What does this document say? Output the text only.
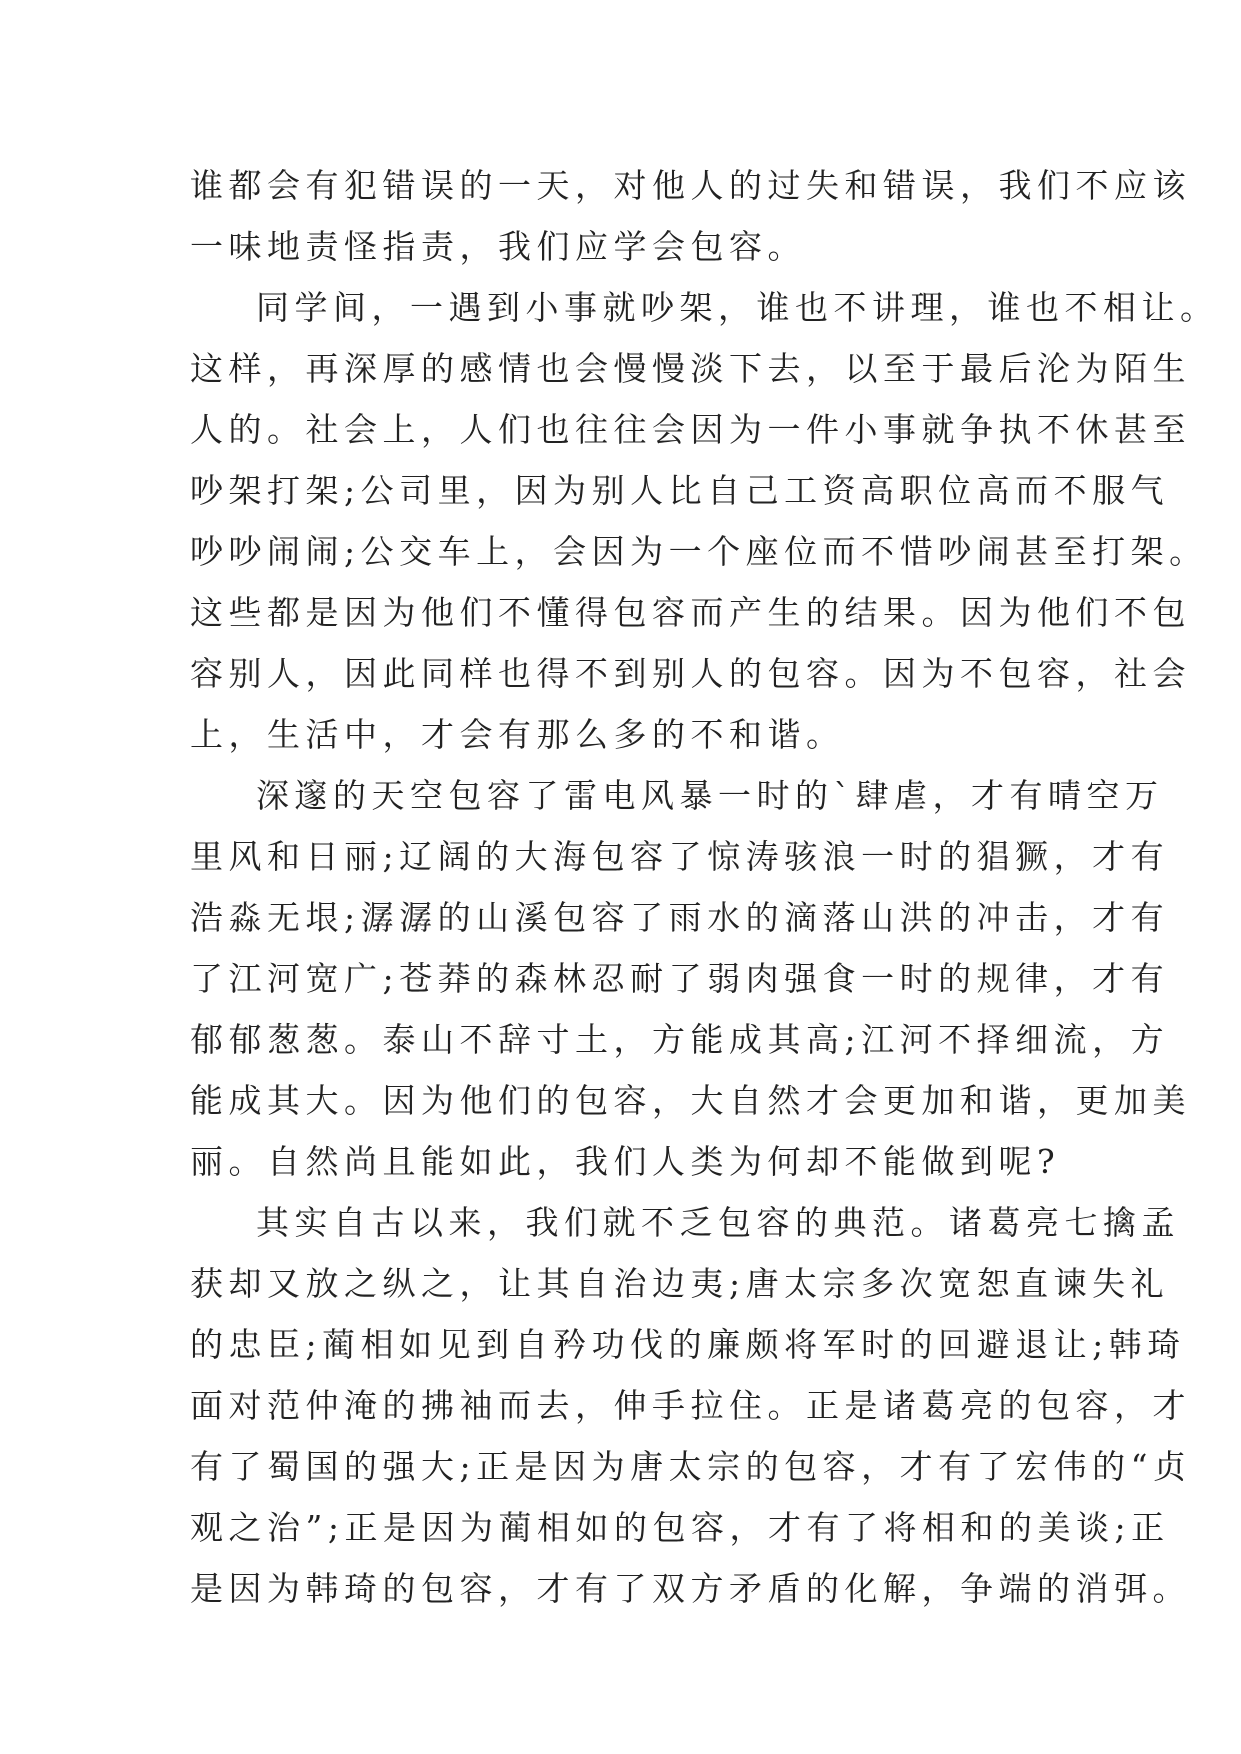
谁都会有犯错误的一天，对他人的过失和错误，我们不应该
一味地责怪指责，我们应学会包容。
同学间，一遇到小事就吵架，谁也不讲理，谁也不相让。
这样，再深厚的感情也会慢慢淡下去，以至于最后沦为陌生
人的。社会上，人们也往往会因为一件小事就争执不休甚至
吵架打架;公司里，因为别人比自己工资高职位高而不服气
吵吵闹闹;公交车上，会因为一个座位而不惜吵闹甚至打架。
这些都是因为他们不懂得包容而产生的结果。因为他们不包
容别人，因此同样也得不到别人的包容。因为不包容，社会
上，生活中，才会有那么多的不和谐。
深邃的天空包容了雷电风暴一时的`肆虐，才有晴空万
里风和日丽;辽阔的大海包容了惊涛骇浪一时的猖獗，才有
浩淼无垠;潺潺的山溪包容了雨水的滴落山洪的冲击，才有
了江河宽广;苍莽的森林忍耐了弱肉强食一时的规律，才有
郁郁葱葱。泰山不辞寸土，方能成其高;江河不择细流，方
能成其大。因为他们的包容，大自然才会更加和谐，更加美
丽。自然尚且能如此，我们人类为何却不能做到呢?
其实自古以来，我们就不乏包容的典范。诸葛亮七擒孟
获却又放之纵之，让其自治边夷;唐太宗多次宽恕直谏失礼
的忠臣;蔺相如见到自矜功伐的廉颇将军时的回避退让;韩琦
面对范仲淹的拂袖而去，伸手拉住。正是诸葛亮的包容，才
有了蜀国的强大;正是因为唐太宗的包容，才有了宏伟的“贞
观之治”;正是因为蔺相如的包容，才有了将相和的美谈;正
是因为韩琦的包容，才有了双方矛盾的化解，争端的消弭。
